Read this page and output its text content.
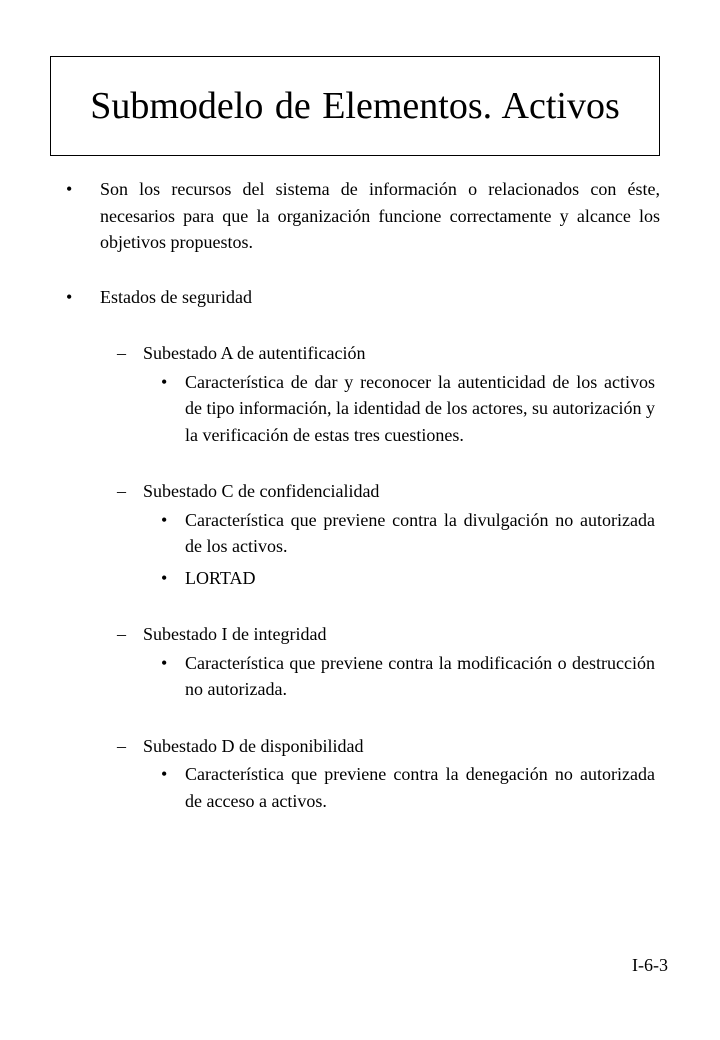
Submodelo de Elementos. Activos
• Son los recursos del sistema de información o relacionados con éste, necesarios para que la organización funcione correctamente y alcance los objetivos propuestos.
• Estados de seguridad
– Subestado A de autentificación
• Característica de dar y reconocer la autenticidad de los activos de tipo información, la identidad de los actores, su autorización y la verificación de estas tres cuestiones.
– Subestado C de confidencialidad
• Característica que previene contra la divulgación no autorizada de los activos.
• LORTAD
– Subestado I de integridad
• Característica que previene contra la modificación o destrucción no autorizada.
– Subestado D de disponibilidad
• Característica que previene contra la denegación no autorizada de acceso a activos.
I-6-3
